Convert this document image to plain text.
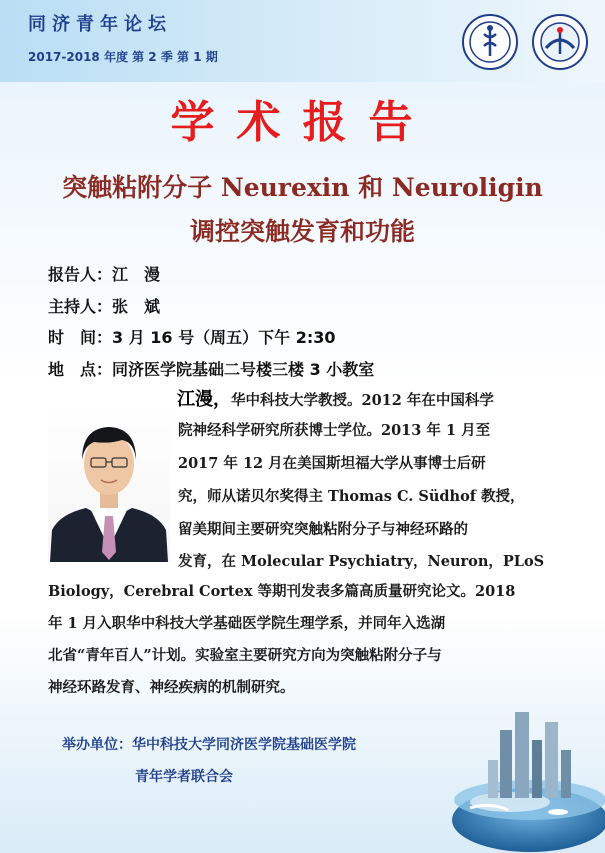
同济青年论坛
2017-2018 年度 第 2 季 第 1 期
学术报告
突触粘附分子 Neurexin 和 Neuroligin
调控突触发育和功能
报告人：江　漫
主持人：张　斌
时　间：3 月 16 号（周五）下午 2:30
地　点：同济医学院基础二号楼三楼 3 小教室
江漫，华中科技大学教授。2012 年在中国科学
院神经科学研究所获博士学位。2013 年 1 月至
2017 年 12 月在美国斯坦福大学从事博士后研
究，师从诺贝尔奖得主 Thomas C. Südhof 教授，
留美期间主要研究突触粘附分子与神经环路的
发育，在 Molecular Psychiatry，Neuron，PLoS
Biology，Cerebral Cortex 等期刊发表多篇高质量研究论文。2018
年 1 月入职华中科技大学基础医学院生理学系，并同年入选湖
北省“青年百人”计划。实验室主要研究方向为突触粘附分子与
神经环路发育、神经疾病的机制研究。
举办单位：华中科技大学同济医学院基础医学院
青年学者联合会
